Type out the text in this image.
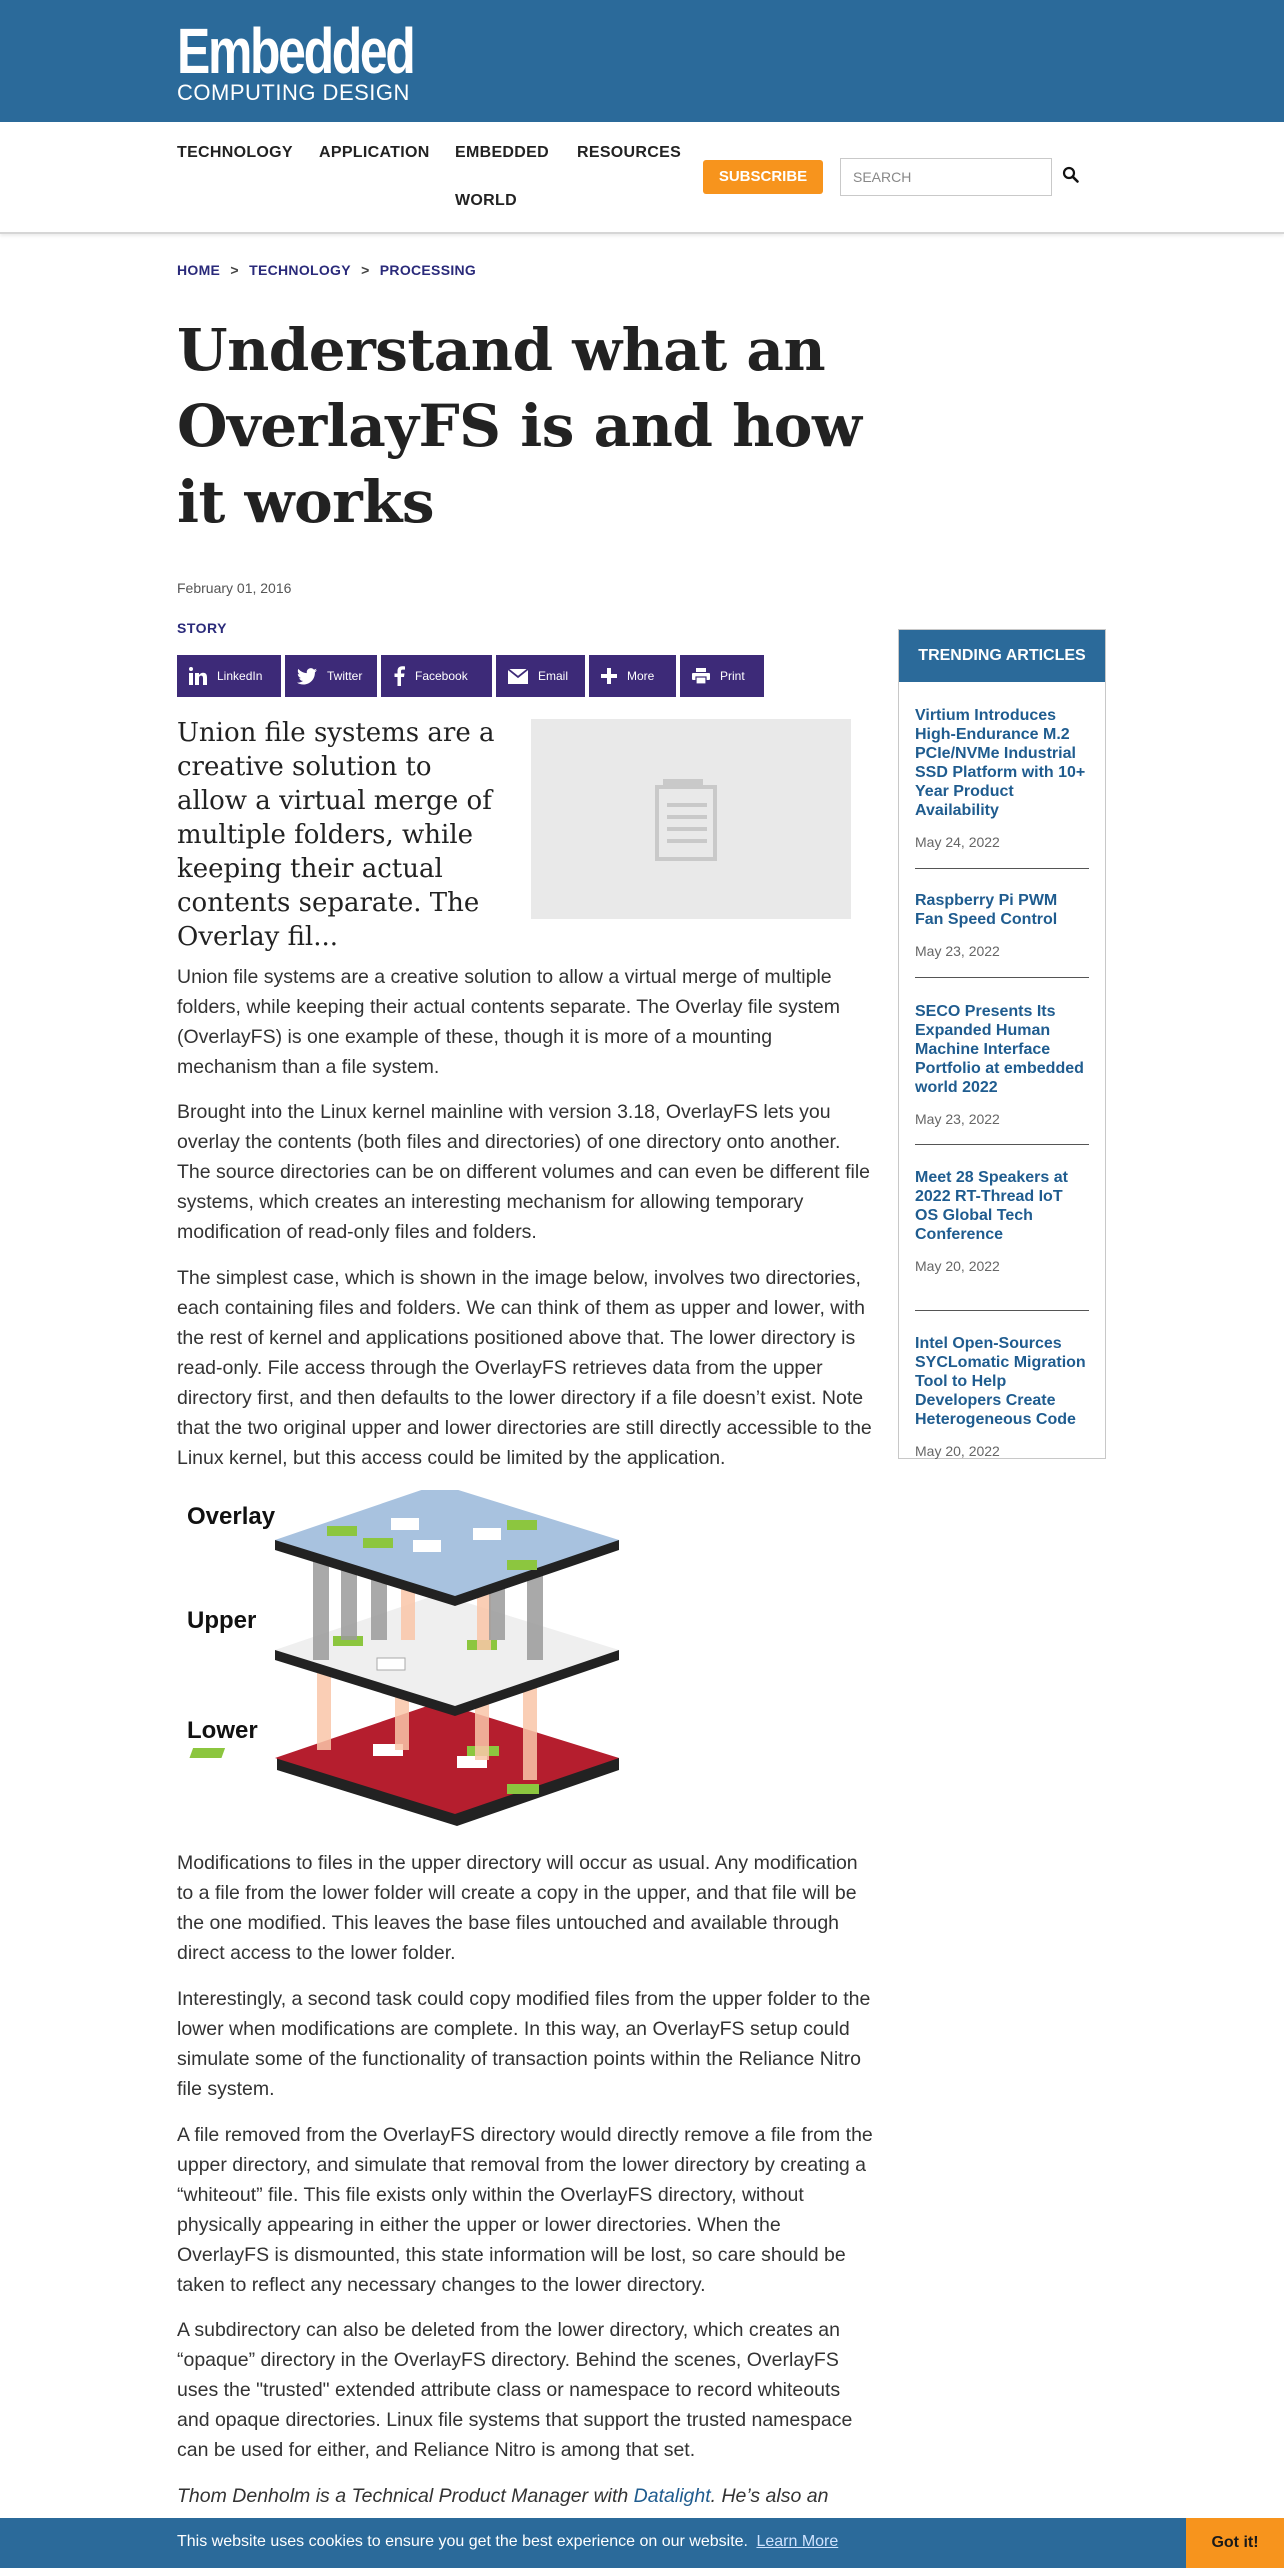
Embedded
COMPUTING DESIGN
TECHNOLOGY APPLICATION EMBEDDED RESOURCES
WORLD
SUBSCRIBE	SEARCH
HOME > TECHNOLOGY > PROCESSING
Understand what an OverlayFS is and how it works
February 01, 2016
STORY
LinkedIn	Twitter	Facebook	Email	More	Print
Union file systems are a creative solution to allow a virtual merge of multiple folders, while keeping their actual contents separate. The Overlay fil...

Union file systems are a creative solution to allow a virtual merge of multiple folders, while keeping their actual contents separate. The Overlay file system (OverlayFS) is one example of these, though it is more of a mounting mechanism than a file system.

Brought into the Linux kernel mainline with version 3.18, OverlayFS lets you overlay the contents (both files and directories) of one directory onto another. The source directories can be on different volumes and can even be different file systems, which creates an interesting mechanism for allowing temporary modification of read-only files and folders.

The simplest case, which is shown in the image below, involves two directories, each containing files and folders. We can think of them as upper and lower, with the rest of kernel and applications positioned above that. The lower directory is read-only. File access through the OverlayFS retrieves data from the upper directory first, and then defaults to the lower directory if a file doesn’t exist. Note that the two original upper and lower directories are still directly accessible to the Linux kernel, but this access could be limited by the application.

Overlay
Upper
Lower

Modifications to files in the upper directory will occur as usual. Any modification to a file from the lower folder will create a copy in the upper, and that file will be the one modified. This leaves the base files untouched and available through direct access to the lower folder.

Interestingly, a second task could copy modified files from the upper folder to the lower when modifications are complete. In this way, an OverlayFS setup could simulate some of the functionality of transaction points within the Reliance Nitro file system.

A file removed from the OverlayFS directory would directly remove a file from the upper directory, and simulate that removal from the lower directory by creating a “whiteout” file. This file exists only within the OverlayFS directory, without physically appearing in either the upper or lower directories. When the OverlayFS is dismounted, this state information will be lost, so care should be taken to reflect any necessary changes to the lower directory.

A subdirectory can also be deleted from the lower directory, which creates an “opaque” directory in the OverlayFS directory. Behind the scenes, OverlayFS uses the "trusted" extended attribute class or namespace to record whiteouts and opaque directories. Linux file systems that support the trusted namespace can be used for either, and Reliance Nitro is among that set.

Thom Denholm is a Technical Product Manager with Datalight. He’s also an

TRENDING ARTICLES
Virtium Introduces High-Endurance M.2 PCIe/NVMe Industrial SSD Platform with 10+ Year Product Availability
May 24, 2022
Raspberry Pi PWM Fan Speed Control
May 23, 2022
SECO Presents Its Expanded Human Machine Interface Portfolio at embedded world 2022
May 23, 2022
Meet 28 Speakers at 2022 RT-Thread IoT OS Global Tech Conference
May 20, 2022
Intel Open-Sources SYCLomatic Migration Tool to Help Developers Create Heterogeneous Code
May 20, 2022
This website uses cookies to ensure you get the best experience on our website. Learn More	Got it!
